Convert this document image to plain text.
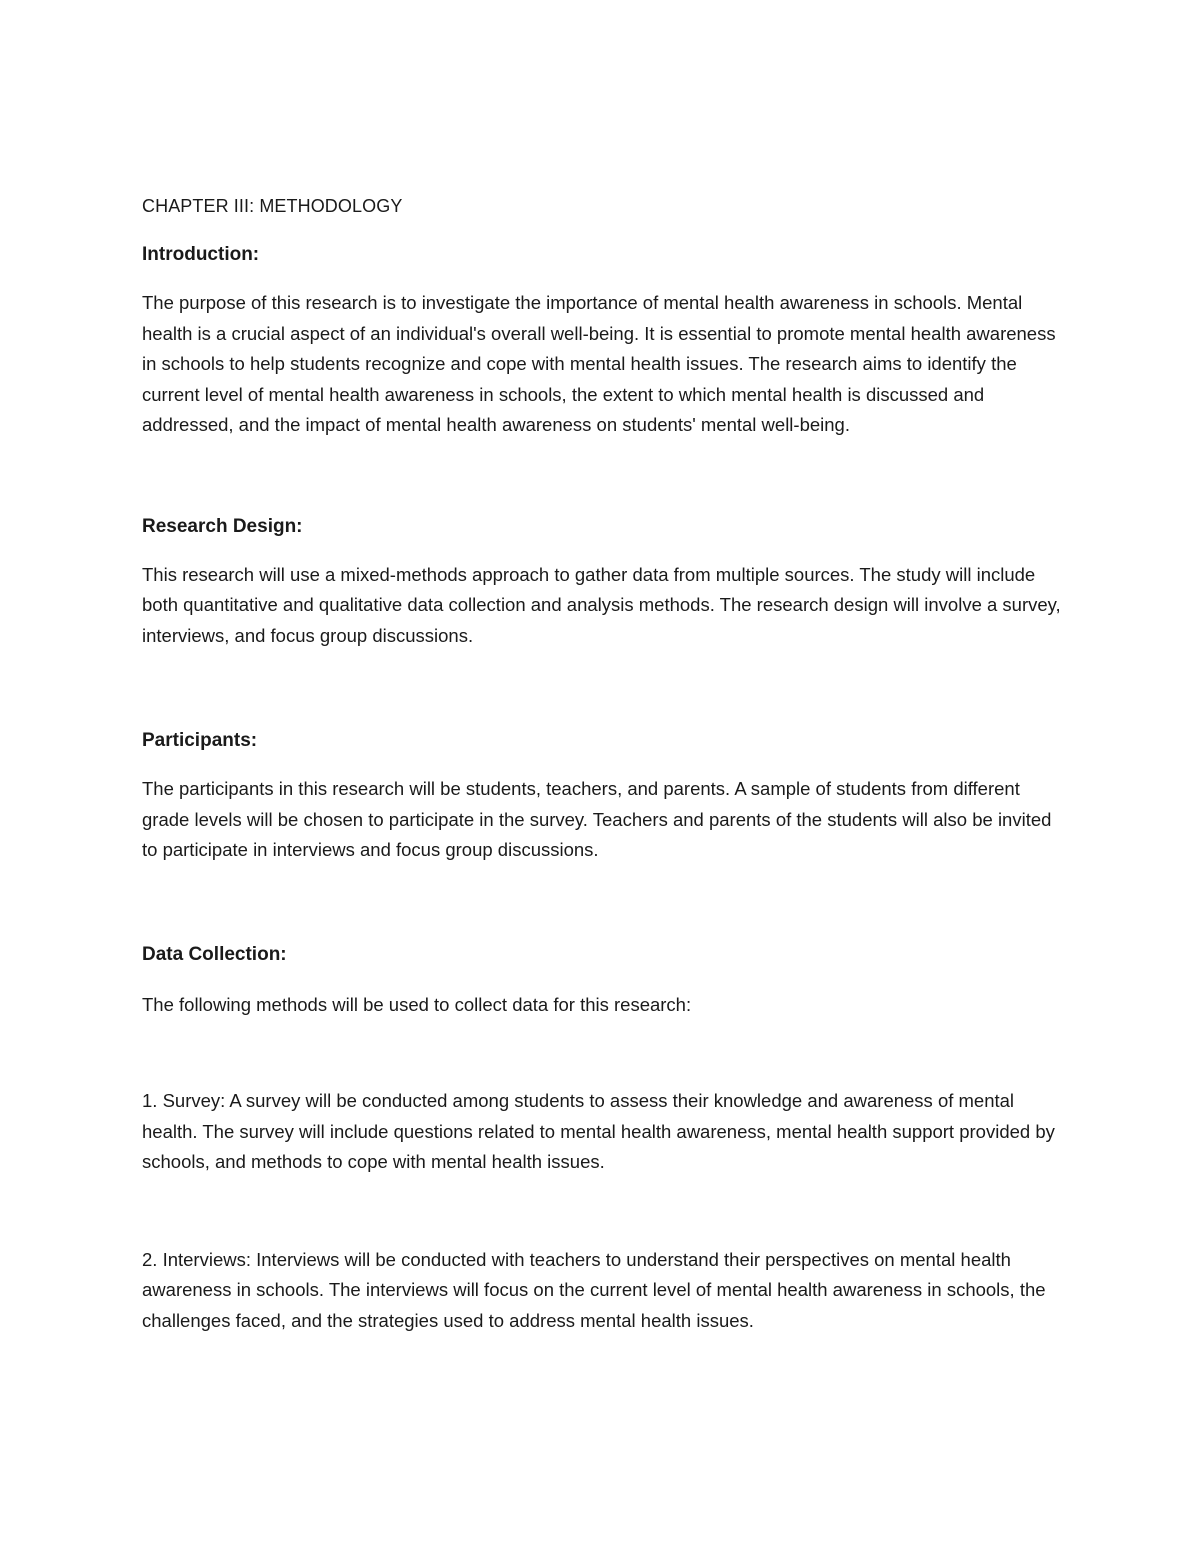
CHAPTER III: METHODOLOGY

Introduction:

The purpose of this research is to investigate the importance of mental health awareness in schools. Mental health is a crucial aspect of an individual's overall well-being. It is essential to promote mental health awareness in schools to help students recognize and cope with mental health issues. The research aims to identify the current level of mental health awareness in schools, the extent to which mental health is discussed and addressed, and the impact of mental health awareness on students' mental well-being.

Research Design:

This research will use a mixed-methods approach to gather data from multiple sources. The study will include both quantitative and qualitative data collection and analysis methods. The research design will involve a survey, interviews, and focus group discussions.

Participants:

The participants in this research will be students, teachers, and parents. A sample of students from different grade levels will be chosen to participate in the survey. Teachers and parents of the students will also be invited to participate in interviews and focus group discussions.

Data Collection:

The following methods will be used to collect data for this research:

1. Survey: A survey will be conducted among students to assess their knowledge and awareness of mental health. The survey will include questions related to mental health awareness, mental health support provided by schools, and methods to cope with mental health issues.

2. Interviews: Interviews will be conducted with teachers to understand their perspectives on mental health awareness in schools. The interviews will focus on the current level of mental health awareness in schools, the challenges faced, and the strategies used to address mental health issues.
